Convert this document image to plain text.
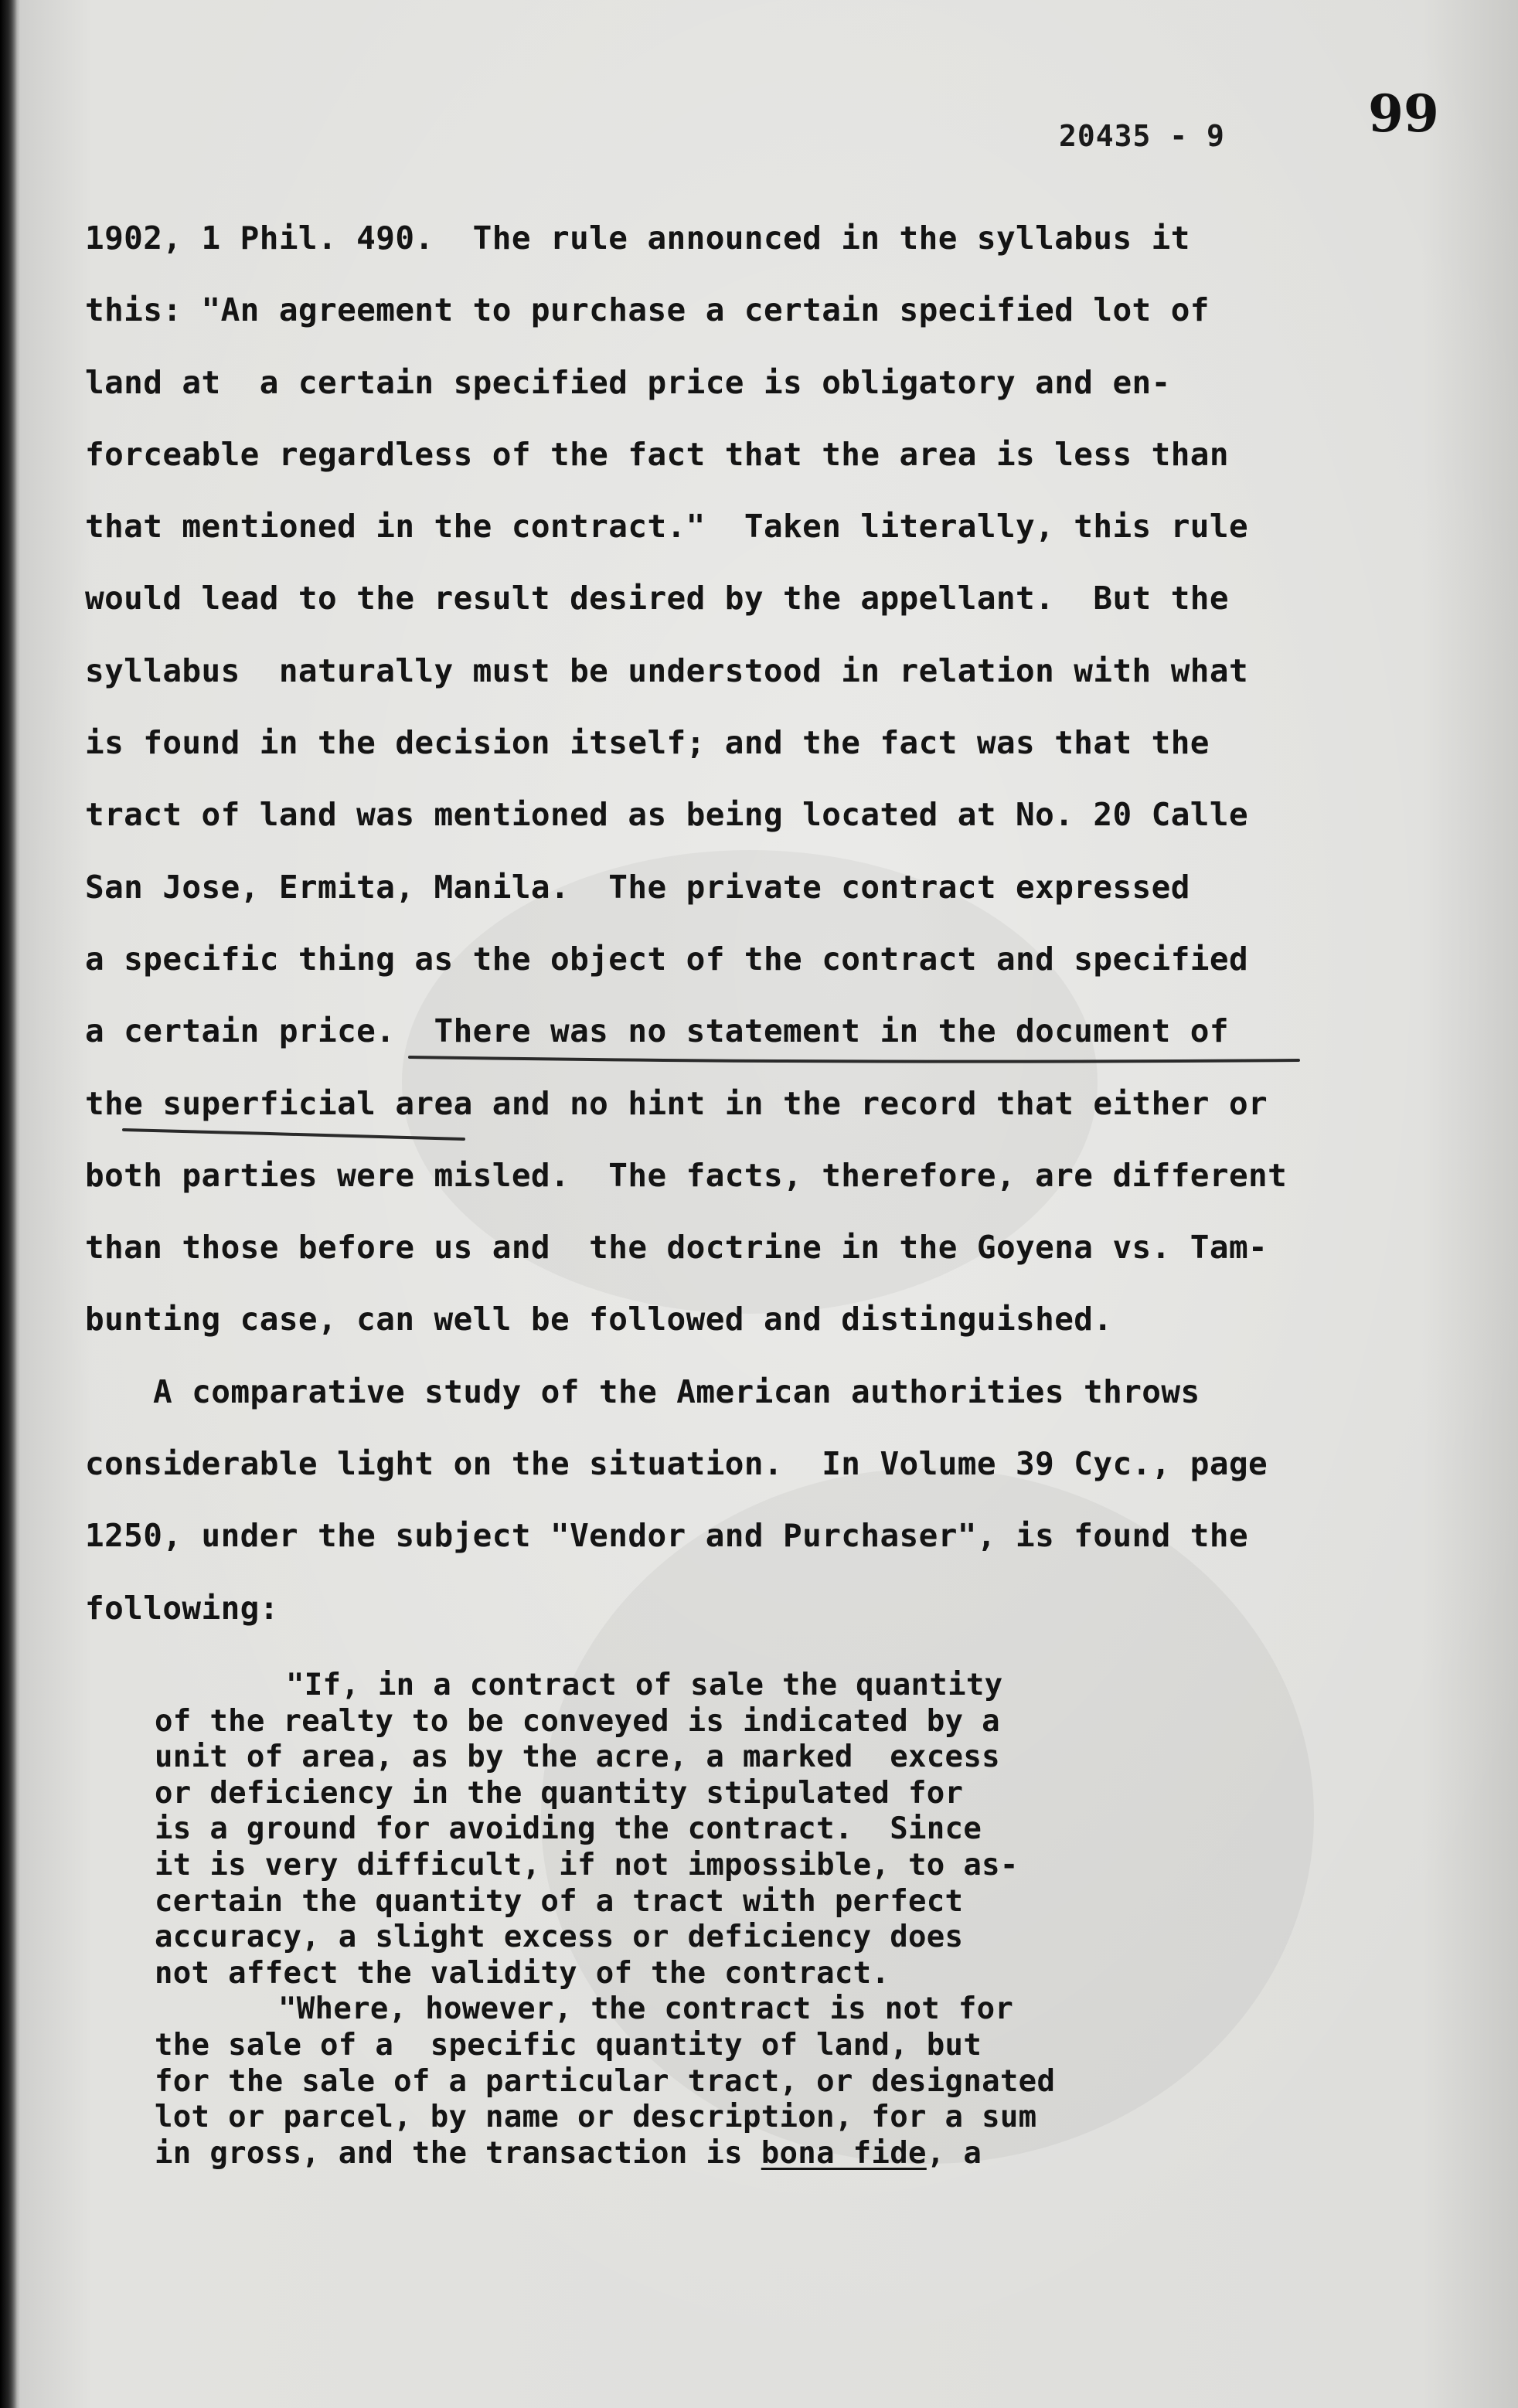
20435 - 9	99
1902, 1 Phil. 490.  The rule announced in the syllabus it
this: "An agreement to purchase a certain specified lot of
land at  a certain specified price is obligatory and en-
forceable regardless of the fact that the area is less than
that mentioned in the contract."  Taken literally, this rule
would lead to the result desired by the appellant.  But the
syllabus  naturally must be understood in relation with what
is found in the decision itself; and the fact was that the
tract of land was mentioned as being located at No. 20 Calle
San Jose, Ermita, Manila.  The private contract expressed
a specific thing as the object of the contract and specified
a certain price.  There was no statement in the document of
the superficial area and no hint in the record that either or
both parties were misled.  The facts, therefore, are different
than those before us and  the doctrine in the Goyena vs. Tam-
bunting case, can well be followed and distinguished.
A comparative study of the American authorities throws
considerable light on the situation.  In Volume 39 Cyc., page
1250, under the subject "Vendor and Purchaser", is found the
following:
"If, in a contract of sale the quantity
of the realty to be conveyed is indicated by a
unit of area, as by the acre, a marked  excess
or deficiency in the quantity stipulated for
is a ground for avoiding the contract.  Since
it is very difficult, if not impossible, to as-
certain the quantity of a tract with perfect
accuracy, a slight excess or deficiency does
not affect the validity of the contract.
"Where, however, the contract is not for
the sale of a  specific quantity of land, but
for the sale of a particular tract, or designated
lot or parcel, by name or description, for a sum
in gross, and the transaction is bona fide, a
